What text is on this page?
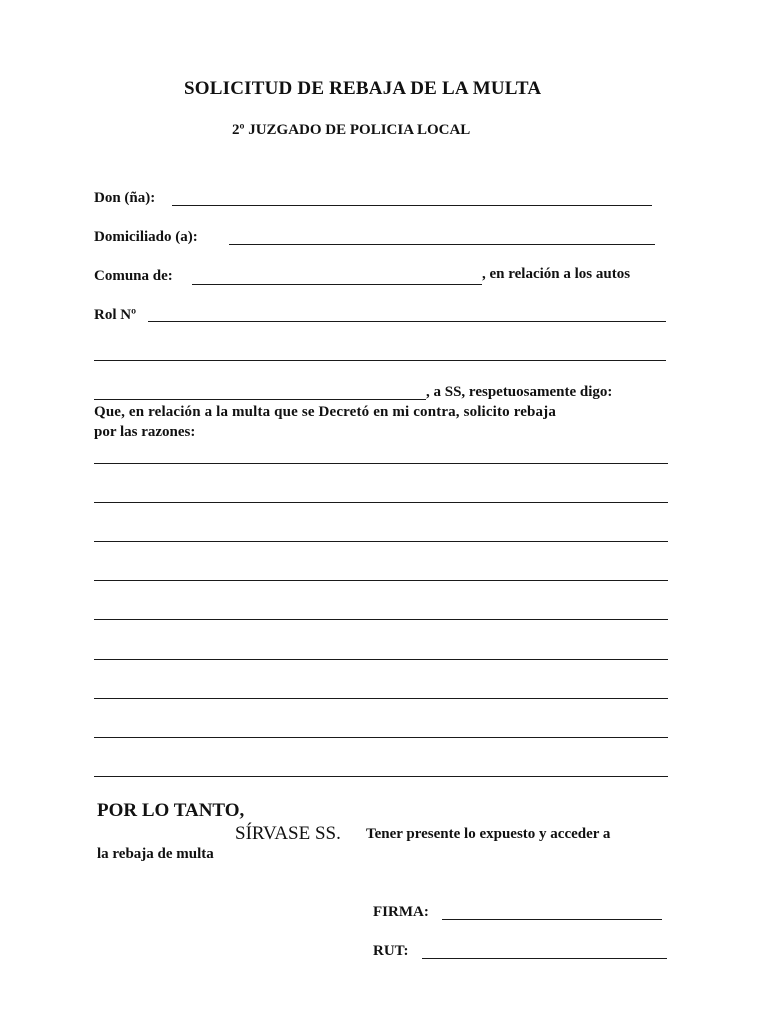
SOLICITUD DE REBAJA DE LA MULTA
2º JUZGADO DE POLICIA LOCAL
Don (ña):
Domiciliado (a):
Comuna de:	, en relación a los autos
Rol Nº
, a SS, respetuosamente digo:
Que, en relación a la multa que se Decretó en mi contra, solicito rebaja
por las razones:
POR LO TANTO,
SÍRVASE SS. Tener presente lo expuesto y acceder a
la rebaja de multa
FIRMA:
RUT:
